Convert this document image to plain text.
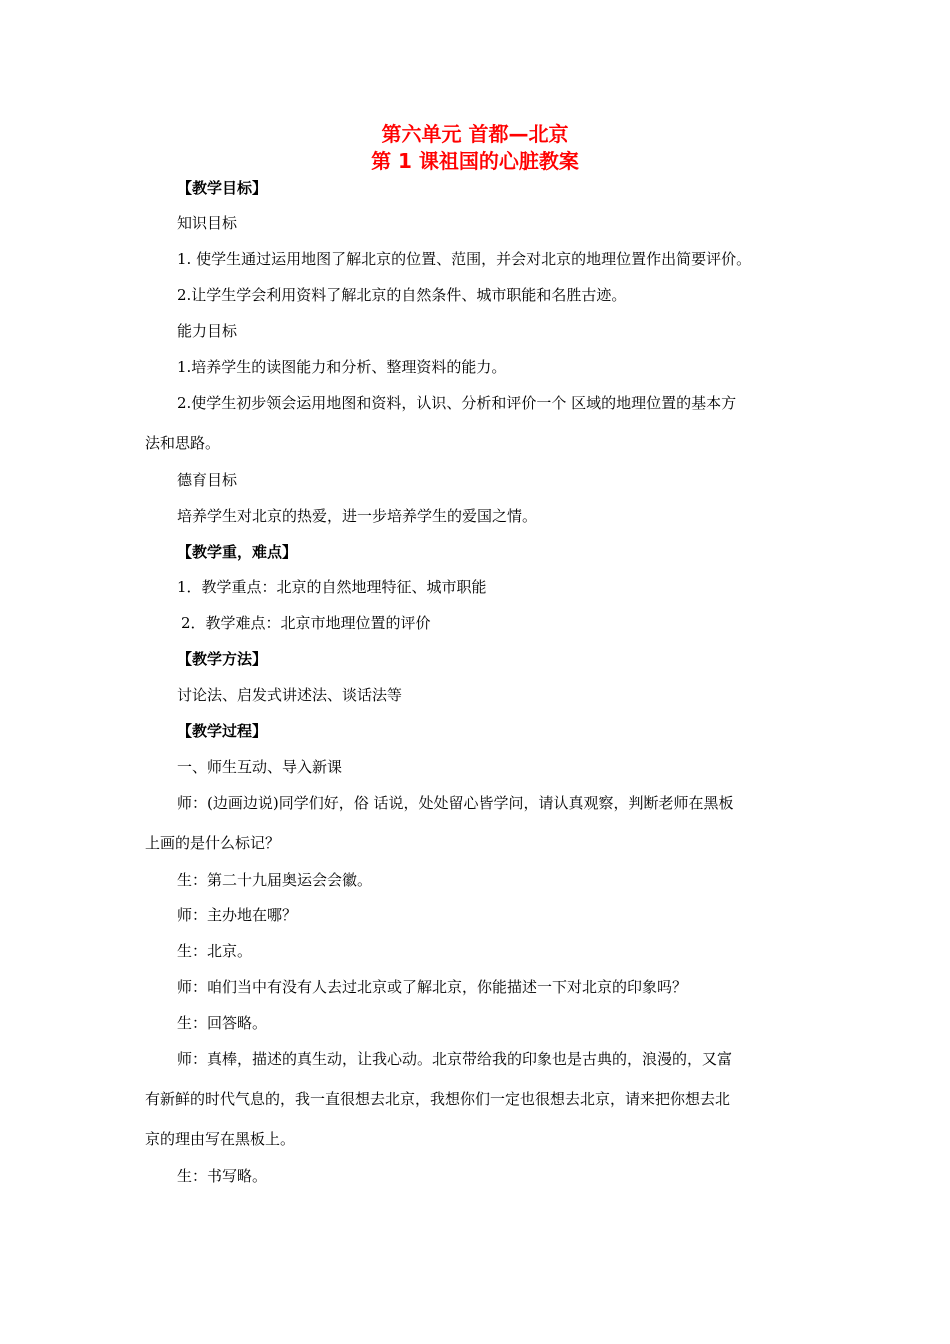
第六单元 首都—北京
第 1 课祖国的心脏教案
【教学目标】
知识目标
1. 使学生通过运用地图了解北京的位置、范围，并会对北京的地理位置作出简要评价。
2.让学生学会利用资料了解北京的自然条件、城市职能和名胜古迹。
能力目标
1.培养学生的读图能力和分析、整理资料的能力。
2.使学生初步领会运用地图和资料，认识、分析和评价一个 区域的地理位置的基本方
法和思路。
德育目标
培养学生对北京的热爱，进一步培养学生的爱国之情。
【教学重，难点】
1．教学重点：北京的自然地理特征、城市职能
2．教学难点：北京市地理位置的评价
【教学方法】
讨论法、启发式讲述法、谈话法等
【教学过程】
一、师生互动、导入新课
师：(边画边说)同学们好，俗 话说，处处留心皆学问，请认真观察，判断老师在黑板
上画的是什么标记？
生：第二十九届奥运会会徽。
师：主办地在哪？
生：北京。
师：咱们当中有没有人去过北京或了解北京，你能描述一下对北京的印象吗？
生：回答略。
师：真棒，描述的真生动，让我心动。北京带给我的印象也是古典的，浪漫的，又富
有新鲜的时代气息的，我一直很想去北京，我想你们一定也很想去北京，请来把你想去北
京的理由写在黑板上。
生：书写略。
